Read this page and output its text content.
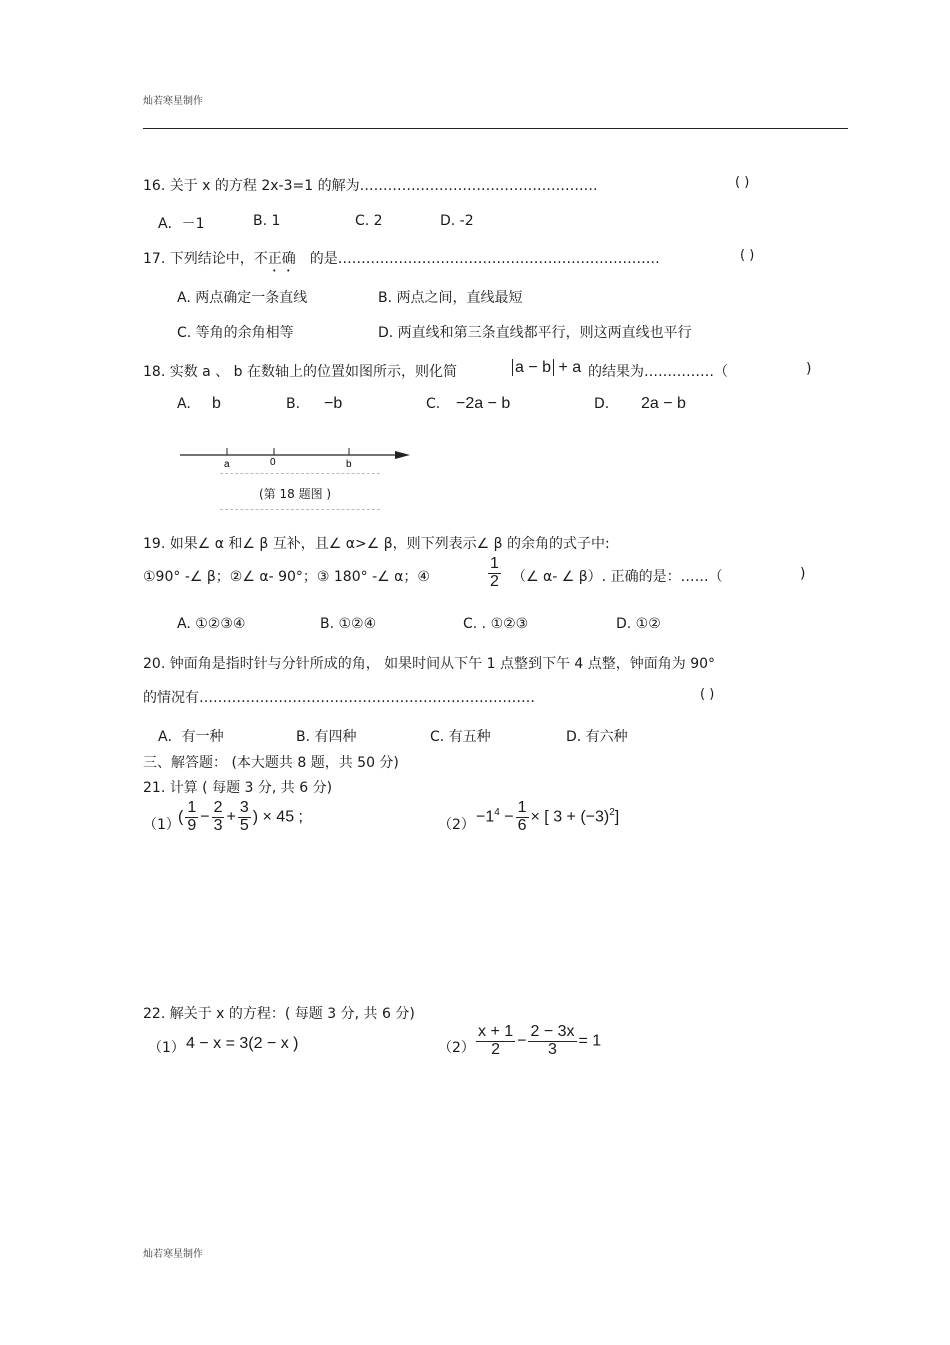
灿若寒星制作
16. 关于 x 的方程 2x-3=1 的解为……………………………………………	( )
A．－1	B. 1	C. 2	D. -2
17. 下列结论中，不正确 的是……………………………………………………………	( )
A. 两点确定一条直线	B. 两点之间，直线最短
C. 等角的余角相等	D. 两直线和第三条直线都平行，则这两直线也平行
18. 实数 a 、 b 在数轴上的位置如图所示，则化简	a − b + a 的结果为……………（	)
A. b	B. −b	C. −2a − b	D. 2a − b
a	0	b
(第 18 题图 )
19. 如果∠ α 和∠ β 互补，且∠ α>∠ β，则下列表示∠ β 的余角的式子中:
①90° -∠ β；②∠ α- 90°；③ 180° -∠ α；④	$\frac{1}{2}$ （∠ α- ∠ β）. 正确的是：……（	)
A. ①②③④	B. ①②④	C. . ①②③	D. ①②
20. 钟面角是指时针与分针所成的角， 如果时间从下午 1 点整到下午 4 点整，钟面角为 90°
的情况有………………………………………………………………	( )
A．有一种	B. 有四种	C. 有五种	D. 有六种
三、解答题： (本大题共 8 题，共 50 分)
21. 计算 ( 每题 3 分, 共 6 分)
（1）
( $\frac{1}{9} - \frac{2}{3} + \frac{3}{5}$ ) × 45 ;	$(2) -1^4 - \frac{1}{6}$ × [ $3 + (-3)^2$]
22. 解关于 x 的方程：( 每题 3 分, 共 6 分)
（1） 4 − x = 3(2 − x )	$(2) \frac{x + 1}{2} - \frac{2 - 3x}{3} = 1$
灿若寒星制作
